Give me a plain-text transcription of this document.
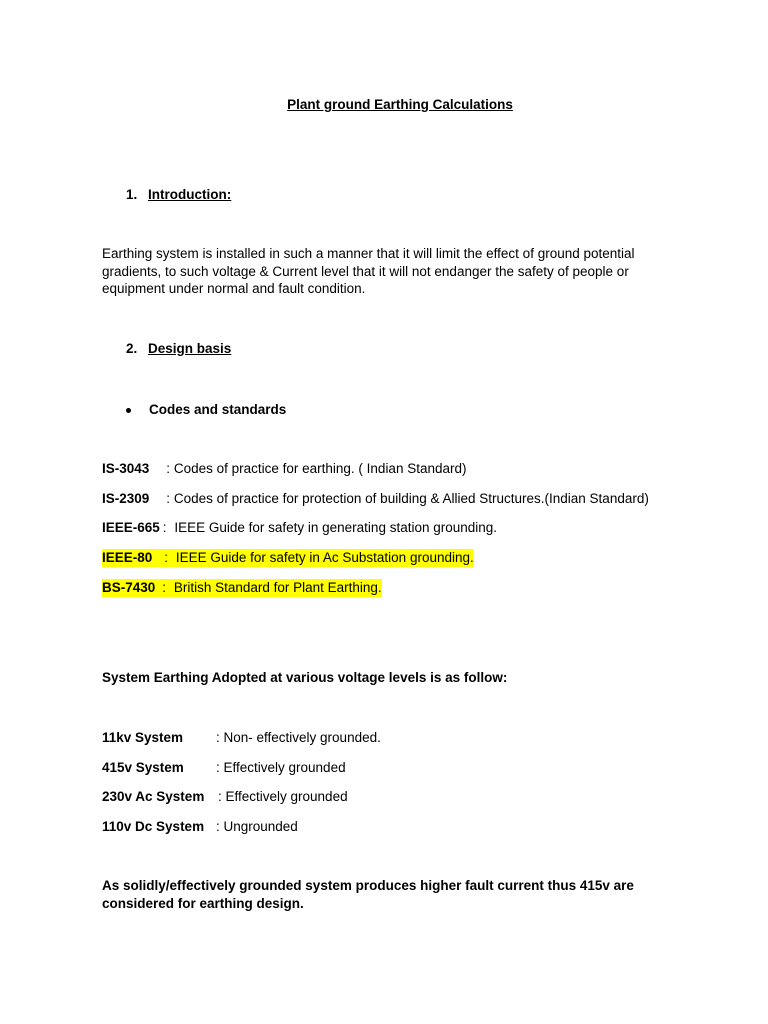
Plant ground Earthing Calculations
1. Introduction:
Earthing system is installed in such a manner that it will limit the effect of ground potential gradients, to such voltage & Current level that it will not endanger the safety of people or equipment under normal and fault condition.
2. Design basis
Codes and standards
IS-3043 : Codes of practice for earthing. ( Indian Standard)
IS-2309 : Codes of practice for protection of building & Allied Structures.(Indian Standard)
IEEE-665 : IEEE Guide for safety in generating station grounding.
IEEE-80 : IEEE Guide for safety in Ac Substation grounding.
BS-7430 : British Standard for Plant Earthing.
System Earthing Adopted at various voltage levels is as follow:
11kv System : Non- effectively grounded.
415v System : Effectively grounded
230v Ac System : Effectively grounded
110v Dc System : Ungrounded
As solidly/effectively grounded system produces higher fault current thus 415v are considered for earthing design.
